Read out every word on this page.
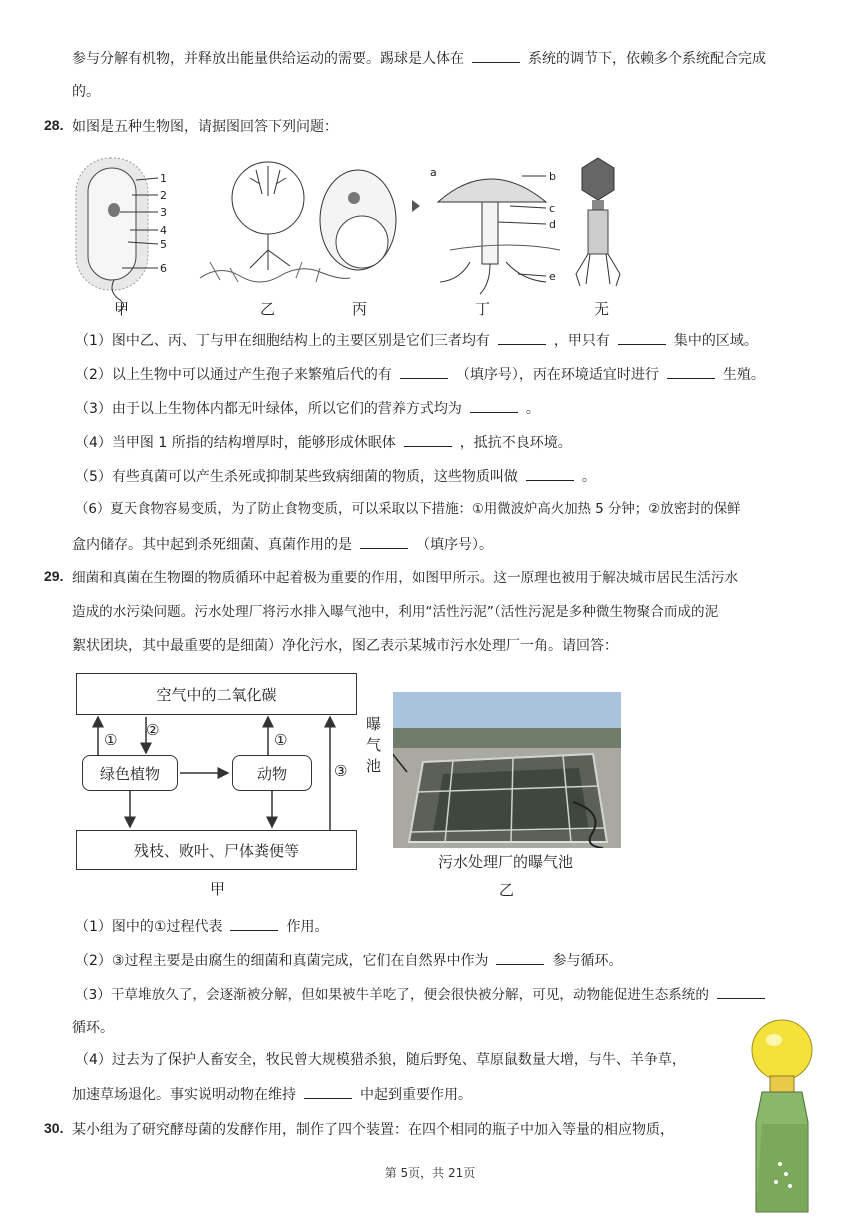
参与分解有机物，并释放出能量供给运动的需要。踢球是人体在	系统的调节下，依赖多个系统配合完成
的。
28. 如图是五种生物图，请据图回答下列问题：
1
2
3
4
5
6
a	b
c
d
e
甲	乙	丙	丁	无
（1）图中乙、丙、丁与甲在细胞结构上的主要区别是它们三者均有	，甲只有	集中的区域。
（2）以上生物中可以通过产生孢子来繁殖后代的有	（填序号），丙在环境适宜时进行	生殖。
（3）由于以上生物体内都无叶绿体，所以它们的营养方式均为	。
（4）当甲图 1 所指的结构增厚时，能够形成休眠体	，抵抗不良环境。
（5）有些真菌可以产生杀死或抑制某些致病细菌的物质，这些物质叫做	。
（6）夏天食物容易变质，为了防止食物变质，可以采取以下措施：①用微波炉高火加热 5 分钟；②放密封的保鲜
盒内储存。其中起到杀死细菌、真菌作用的是	（填序号）。
29. 细菌和真菌在生物圈的物质循环中起着极为重要的作用，如图甲所示。这一原理也被用于解决城市居民生活污水
造成的水污染问题。污水处理厂将污水排入曝气池中，利用“活性污泥”（活性污泥是多种微生物聚合而成的泥
絮状团块，其中最重要的是细菌）净化污水，图乙表示某城市污水处理厂一角。请回答：
空气中的二氧化碳
绿色植物	动物
残枝、败叶、尸体粪便等
①
②
①
③
甲
曝
气
池
污水处理厂的曝气池
乙
（1）图中的①过程代表	作用。
（2）③过程主要是由腐生的细菌和真菌完成，它们在自然界中作为	参与循环。
（3）干草堆放久了，会逐渐被分解，但如果被牛羊吃了，便会很快被分解，可见，动物能促进生态系统的
循环。
（4）过去为了保护人畜安全，牧民曾大规模猎杀狼，随后野兔、草原鼠数量大增，与牛、羊争草，
加速草场退化。事实说明动物在维持	中起到重要作用。
30. 某小组为了研究酵母菌的发酵作用，制作了四个装置：在四个相同的瓶子中加入等量的相应物质，
第 5页，共 21页
